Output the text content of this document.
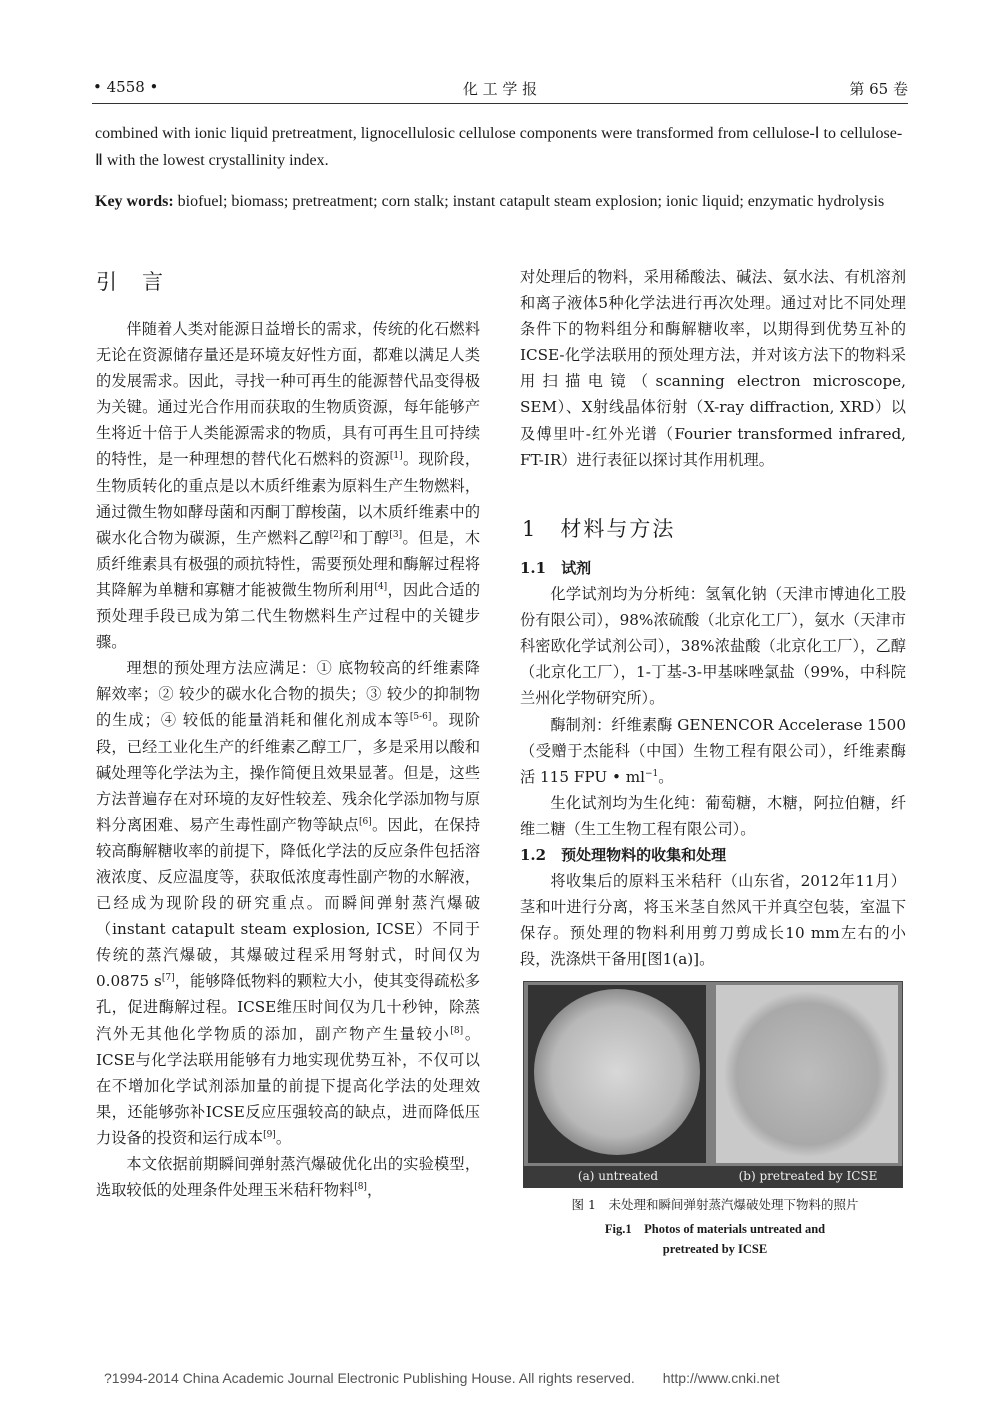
• 4558 •	化 工 学 报	第 65 卷
combined with ionic liquid pretreatment, lignocellulosic cellulose components were transformed from cellulose-Ⅰ to cellulose-Ⅱ with the lowest crystallinity index.
Key words: biofuel; biomass; pretreatment; corn stalk; instant catapult steam explosion; ionic liquid; enzymatic hydrolysis
引　言

伴随着人类对能源日益增长的需求，传统的化石燃料无论在资源储存量还是环境友好性方面，都难以满足人类的发展需求。因此，寻找一种可再生的能源替代品变得极为关键。通过光合作用而获取的生物质资源，每年能够产生将近十倍于人类能源需求的物质，具有可再生且可持续的特性，是一种理想的替代化石燃料的资源[1]。现阶段，生物质转化的重点是以木质纤维素为原料生产生物燃料，通过微生物如酵母菌和丙酮丁醇梭菌，以木质纤维素中的碳水化合物为碳源，生产燃料乙醇[2]和丁醇[3]。但是，木质纤维素具有极强的顽抗特性，需要预处理和酶解过程将其降解为单糖和寡糖才能被微生物所利用[4]，因此合适的预处理手段已成为第二代生物燃料生产过程中的关键步骤。

理想的预处理方法应满足：① 底物较高的纤维素降解效率；② 较少的碳水化合物的损失；③ 较少的抑制物的生成；④ 较低的能量消耗和催化剂成本等[5-6]。现阶段，已经工业化生产的纤维素乙醇工厂，多是采用以酸和碱处理等化学法为主，操作简便且效果显著。但是，这些方法普遍存在对环境的友好性较差、残余化学添加物与原料分离困难、易产生毒性副产物等缺点[6]。因此，在保持较高酶解糖收率的前提下，降低化学法的反应条件包括溶液浓度、反应温度等，获取低浓度毒性副产物的水解液，已经成为现阶段的研究重点。而瞬间弹射蒸汽爆破（instant catapult steam explosion, ICSE）不同于传统的蒸汽爆破，其爆破过程采用弩射式，时间仅为0.0875 s[7]，能够降低物料的颗粒大小，使其变得疏松多孔，促进酶解过程。ICSE维压时间仅为几十秒钟，除蒸汽外无其他化学物质的添加，副产物产生量较小[8]。ICSE与化学法联用能够有力地实现优势互补，不仅可以在不增加化学试剂添加量的前提下提高化学法的处理效果，还能够弥补ICSE反应压强较高的缺点，进而降低压力设备的投资和运行成本[9]。

本文依据前期瞬间弹射蒸汽爆破优化出的实验模型，选取较低的处理条件处理玉米秸秆物料[8]，

对处理后的物料，采用稀酸法、碱法、氨水法、有机溶剂和离子液体5种化学法进行再次处理。通过对比不同处理条件下的物料组分和酶解糖收率，以期得到优势互补的ICSE-化学法联用的预处理方法，并对该方法下的物料采用扫描电镜（scanning electron microscope, SEM）、X射线晶体衍射（X-ray diffraction, XRD）以及傅里叶-红外光谱（Fourier transformed infrared, FT-IR）进行表征以探讨其作用机理。

1　材料与方法
1.1　试剂

化学试剂均为分析纯：氢氧化钠（天津市博迪化工股份有限公司），98%浓硫酸（北京化工厂），氨水（天津市科密欧化学试剂公司），38%浓盐酸（北京化工厂），乙醇（北京化工厂），1-丁基-3-甲基咪唑氯盐（99%，中科院兰州化学物研究所）。

酶制剂：纤维素酶 GENENCOR Accelerase 1500（受赠于杰能科（中国）生物工程有限公司），纤维素酶活 115 FPU • $ml^{-1}$。

生化试剂均为生化纯：葡萄糖，木糖，阿拉伯糖，纤维二糖（生工生物工程有限公司）。

1.2　预处理物料的收集和处理

将收集后的原料玉米秸秆（山东省，2012年11月）茎和叶进行分离，将玉米茎自然风干并真空包装，室温下保存。预处理的物料利用剪刀剪成长10 mm左右的小段，洗涤烘干备用[图1(a)]。

(a) untreated	(b) pretreated by ICSE
图 1　未处理和瞬间弹射蒸汽爆破处理下物料的照片
Fig.1　Photos of materials untreated and
pretreated by ICSE
?1994-2014 China Academic Journal Electronic Publishing House. All rights reserved.　　http://www.cnki.net
